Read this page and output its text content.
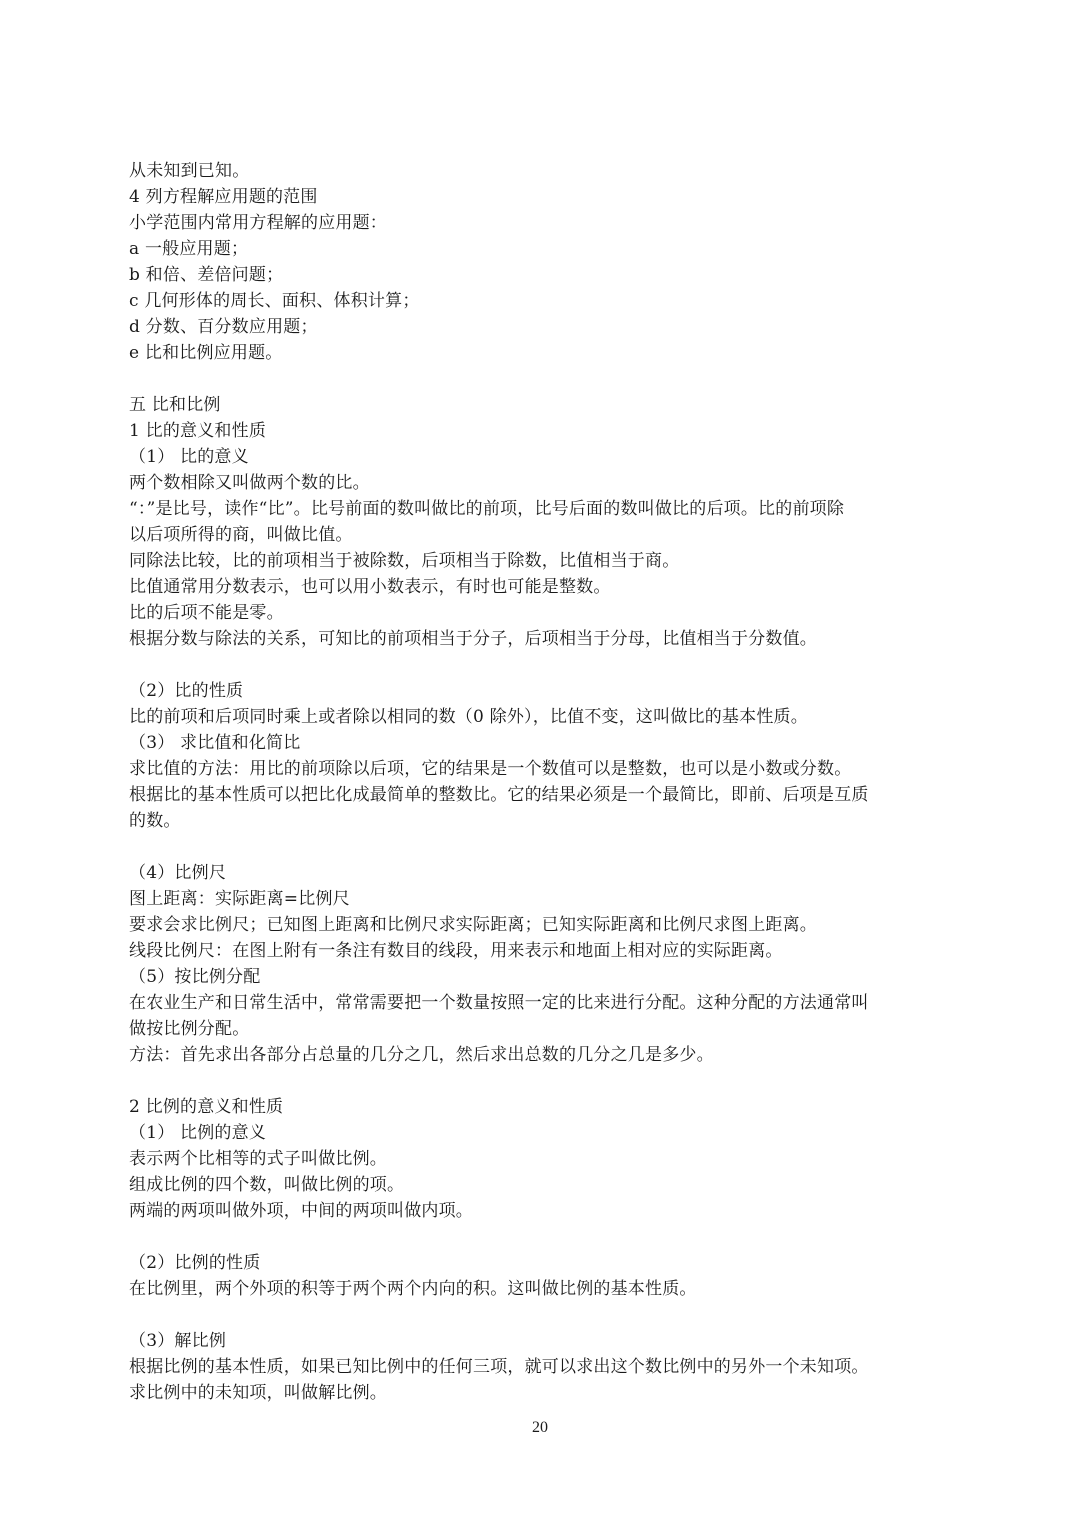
从未知到已知。
4 列方程解应用题的范围
小学范围内常用方程解的应用题：
a 一般应用题；
b 和倍、差倍问题；
c 几何形体的周长、面积、体积计算；
d 分数、百分数应用题；
e 比和比例应用题。
五 比和比例
1 比的意义和性质
（1） 比的意义
两个数相除又叫做两个数的比。
“：”是比号，读作“比”。比号前面的数叫做比的前项，比号后面的数叫做比的后项。比的前项除
以后项所得的商，叫做比值。
同除法比较，比的前项相当于被除数，后项相当于除数，比值相当于商。
比值通常用分数表示，也可以用小数表示，有时也可能是整数。
比的后项不能是零。
根据分数与除法的关系，可知比的前项相当于分子，后项相当于分母，比值相当于分数值。
（2）比的性质
比的前项和后项同时乘上或者除以相同的数（0 除外），比值不变，这叫做比的基本性质。
（3） 求比值和化简比
求比值的方法：用比的前项除以后项，它的结果是一个数值可以是整数，也可以是小数或分数。
根据比的基本性质可以把比化成最简单的整数比。它的结果必须是一个最简比，即前、后项是互质
的数。
（4）比例尺
图上距离：实际距离=比例尺
要求会求比例尺；已知图上距离和比例尺求实际距离；已知实际距离和比例尺求图上距离。
线段比例尺：在图上附有一条注有数目的线段，用来表示和地面上相对应的实际距离。
（5）按比例分配
在农业生产和日常生活中，常常需要把一个数量按照一定的比来进行分配。这种分配的方法通常叫
做按比例分配。
方法：首先求出各部分占总量的几分之几，然后求出总数的几分之几是多少。
2 比例的意义和性质
（1） 比例的意义
表示两个比相等的式子叫做比例。
组成比例的四个数，叫做比例的项。
两端的两项叫做外项，中间的两项叫做内项。
（2）比例的性质
在比例里，两个外项的积等于两个两个内向的积。这叫做比例的基本性质。
（3）解比例
根据比例的基本性质，如果已知比例中的任何三项，就可以求出这个数比例中的另外一个未知项。
求比例中的未知项，叫做解比例。
20
